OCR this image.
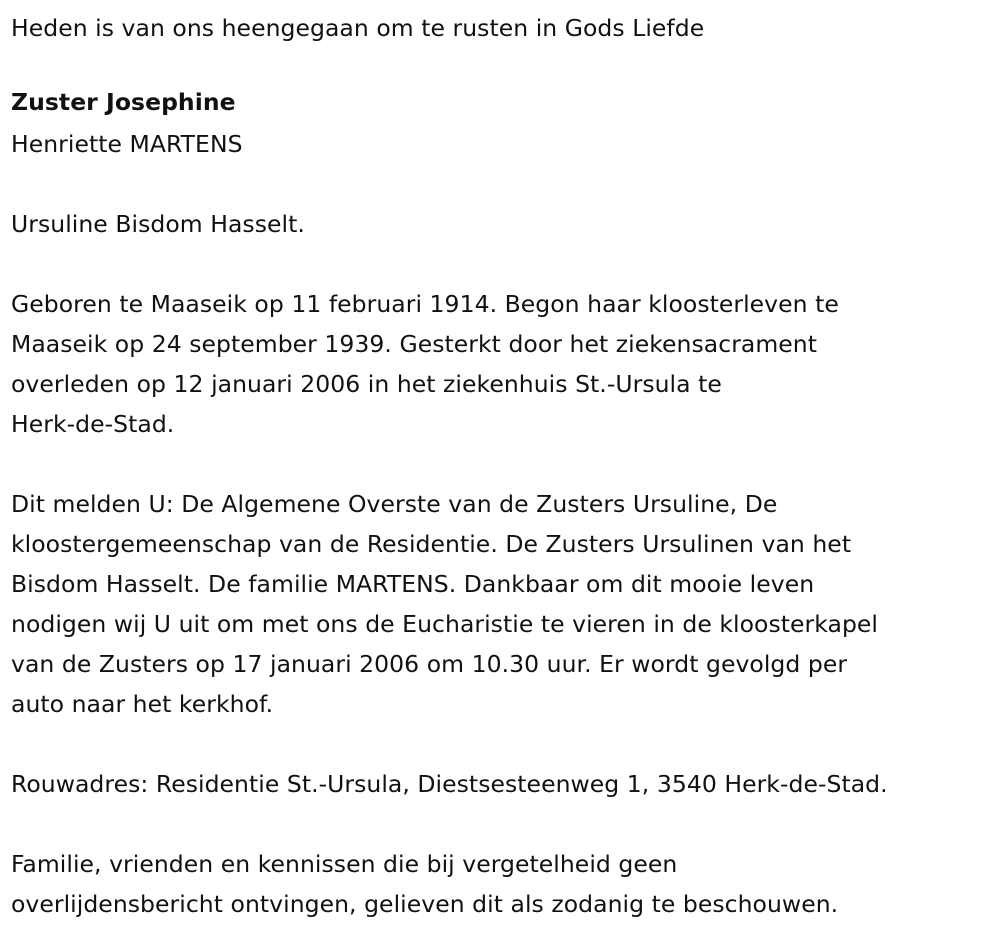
Heden is van ons heengegaan om te rusten in Gods Liefde

Zuster Josephine

Henriette MARTENS

Ursuline Bisdom Hasselt.

Geboren te Maaseik op 11 februari 1914. Begon haar kloosterleven te

Maaseik op 24 september 1939. Gesterkt door het ziekensacrament

overleden op 12 januari 2006 in het ziekenhuis St.-Ursula te

Herk-de-Stad.

Dit melden U: De Algemene Overste van de Zusters Ursuline, De

kloostergemeenschap van de Residentie. De Zusters Ursulinen van het

Bisdom Hasselt. De familie MARTENS. Dankbaar om dit mooie leven

nodigen wij U uit om met ons de Eucharistie te vieren in de kloosterkapel

van de Zusters op 17 januari 2006 om 10.30 uur. Er wordt gevolgd per

auto naar het kerkhof.

Rouwadres: Residentie St.-Ursula, Diestsesteenweg 1, 3540 Herk-de-Stad.

Familie, vrienden en kennissen die bij vergetelheid geen

overlijdensbericht ontvingen, gelieven dit als zodanig te beschouwen.
